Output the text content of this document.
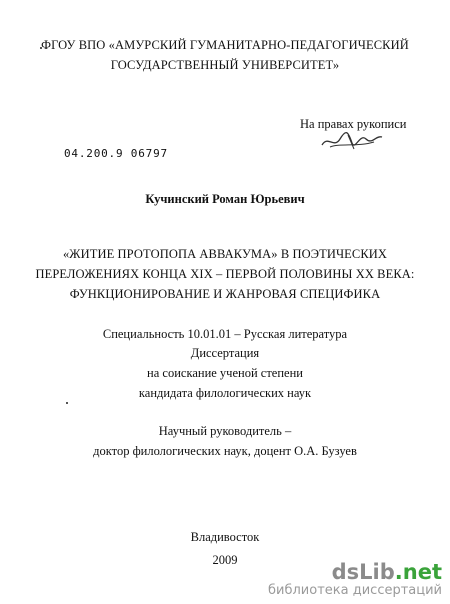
ФГОУ ВПО «АМУРСКИЙ ГУМАНИТАРНО-ПЕДАГОГИЧЕСКИЙ
ГОСУДАРСТВЕННЫЙ УНИВЕРСИТЕТ»
На правах рукописи
04.200.9 06797
Кучинский Роман Юрьевич
«ЖИТИЕ ПРОТОПОПА АВВАКУМА» В ПОЭТИЧЕСКИХ
ПЕРЕЛОЖЕНИЯХ КОНЦА XIX – ПЕРВОЙ ПОЛОВИНЫ XX ВЕКА:
ФУНКЦИОНИРОВАНИЕ И ЖАНРОВАЯ СПЕЦИФИКА
Специальность 10.01.01 – Русская литература
Диссертация
на соискание ученой степени
кандидата филологических наук
Научный руководитель –
доктор филологических наук, доцент О.А. Бузуев
Владивосток
2009	dsLib.net
библиотека диссертаций
